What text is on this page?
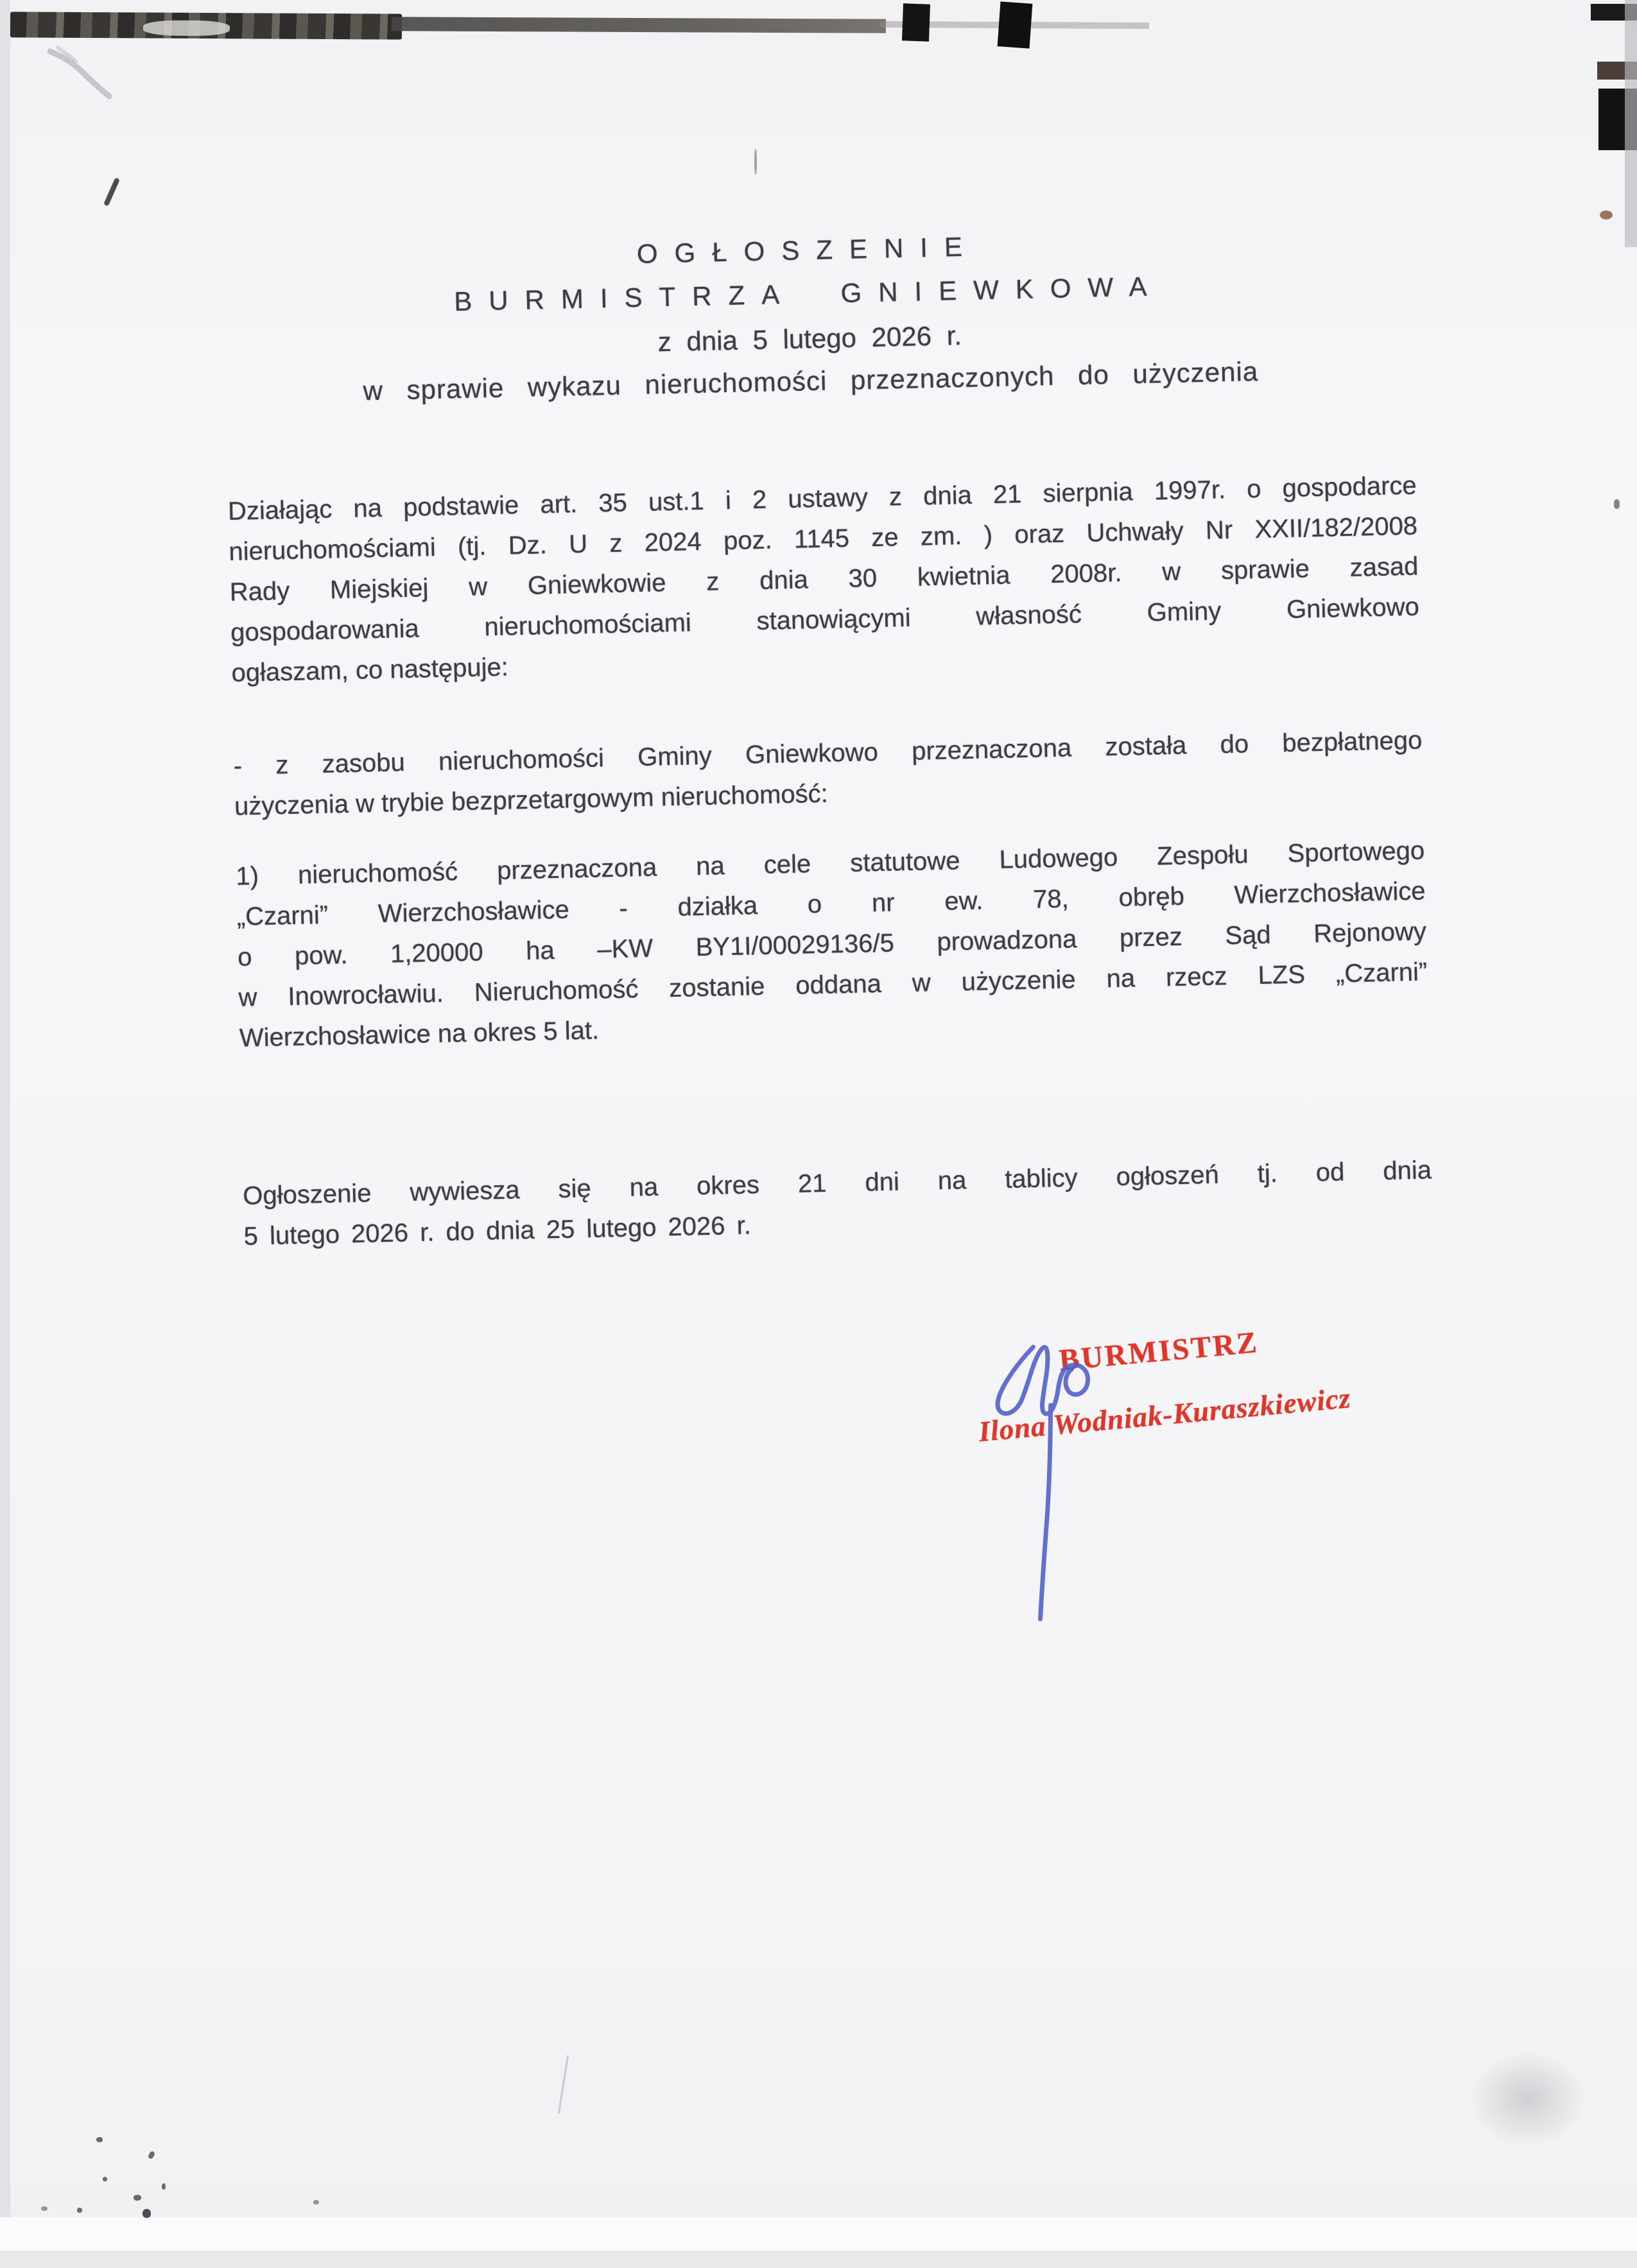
OGŁOSZENIE
BURMISTRZA GNIEWKOWA
z dnia 5 lutego 2026 r.
w sprawie wykazu nieruchomości przeznaczonych do użyczenia
Działając na podstawie art. 35 ust.1 i 2 ustawy z dnia 21 sierpnia 1997r. o gospodarce
nieruchomościami (tj. Dz. U z 2024 poz. 1145 ze zm. ) oraz Uchwały Nr XXII/182/2008
Rady Miejskiej w Gniewkowie z dnia 30 kwietnia 2008r. w sprawie zasad
gospodarowania nieruchomościami stanowiącymi własność Gminy Gniewkowo
ogłaszam, co następuje:
- z zasobu nieruchomości Gminy Gniewkowo przeznaczona została do bezpłatnego
użyczenia w trybie bezprzetargowym nieruchomość:
1) nieruchomość przeznaczona na cele statutowe Ludowego Zespołu Sportowego
„Czarni” Wierzchosławice - działka o nr ew. 78, obręb Wierzchosławice
o pow. 1,20000 ha –KW BY1I/00029136/5 prowadzona przez Sąd Rejonowy
w Inowrocławiu. Nieruchomość zostanie oddana w użyczenie na rzecz LZS „Czarni”
Wierzchosławice na okres 5 lat.
Ogłoszenie wywiesza się na okres 21 dni na tablicy ogłoszeń tj. od dnia
5 lutego 2026 r. do dnia 25 lutego 2026 r.
BURMISTRZ
Ilona Wodniak-Kuraszkiewicz
